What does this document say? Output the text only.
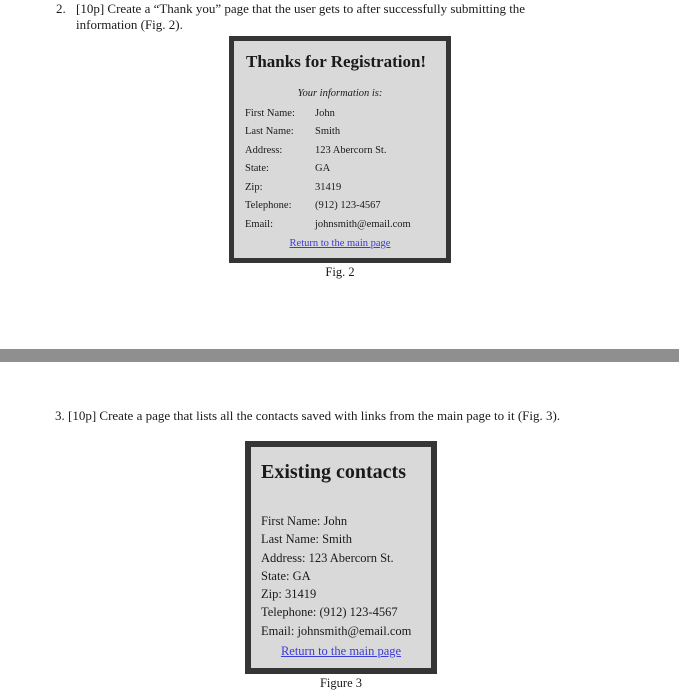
2. [10p] Create a “Thank you” page that the user gets to after successfully submitting the
information (Fig. 2).
Thanks for Registration!
Your information is:
First Name:	John
Last Name:	Smith
Address:	123 Abercorn St.
State:	GA
Zip:	31419
Telephone:	(912) 123-4567
Email:	johnsmith@email.com
Return to the main page
Fig. 2
3. [10p] Create a page that lists all the contacts saved with links from the main page to it (Fig. 3).
Existing contacts
First Name: John
Last Name: Smith
Address: 123 Abercorn St.
State: GA
Zip: 31419
Telephone: (912) 123-4567
Email: johnsmith@email.com
Return to the main page
Figure 3
